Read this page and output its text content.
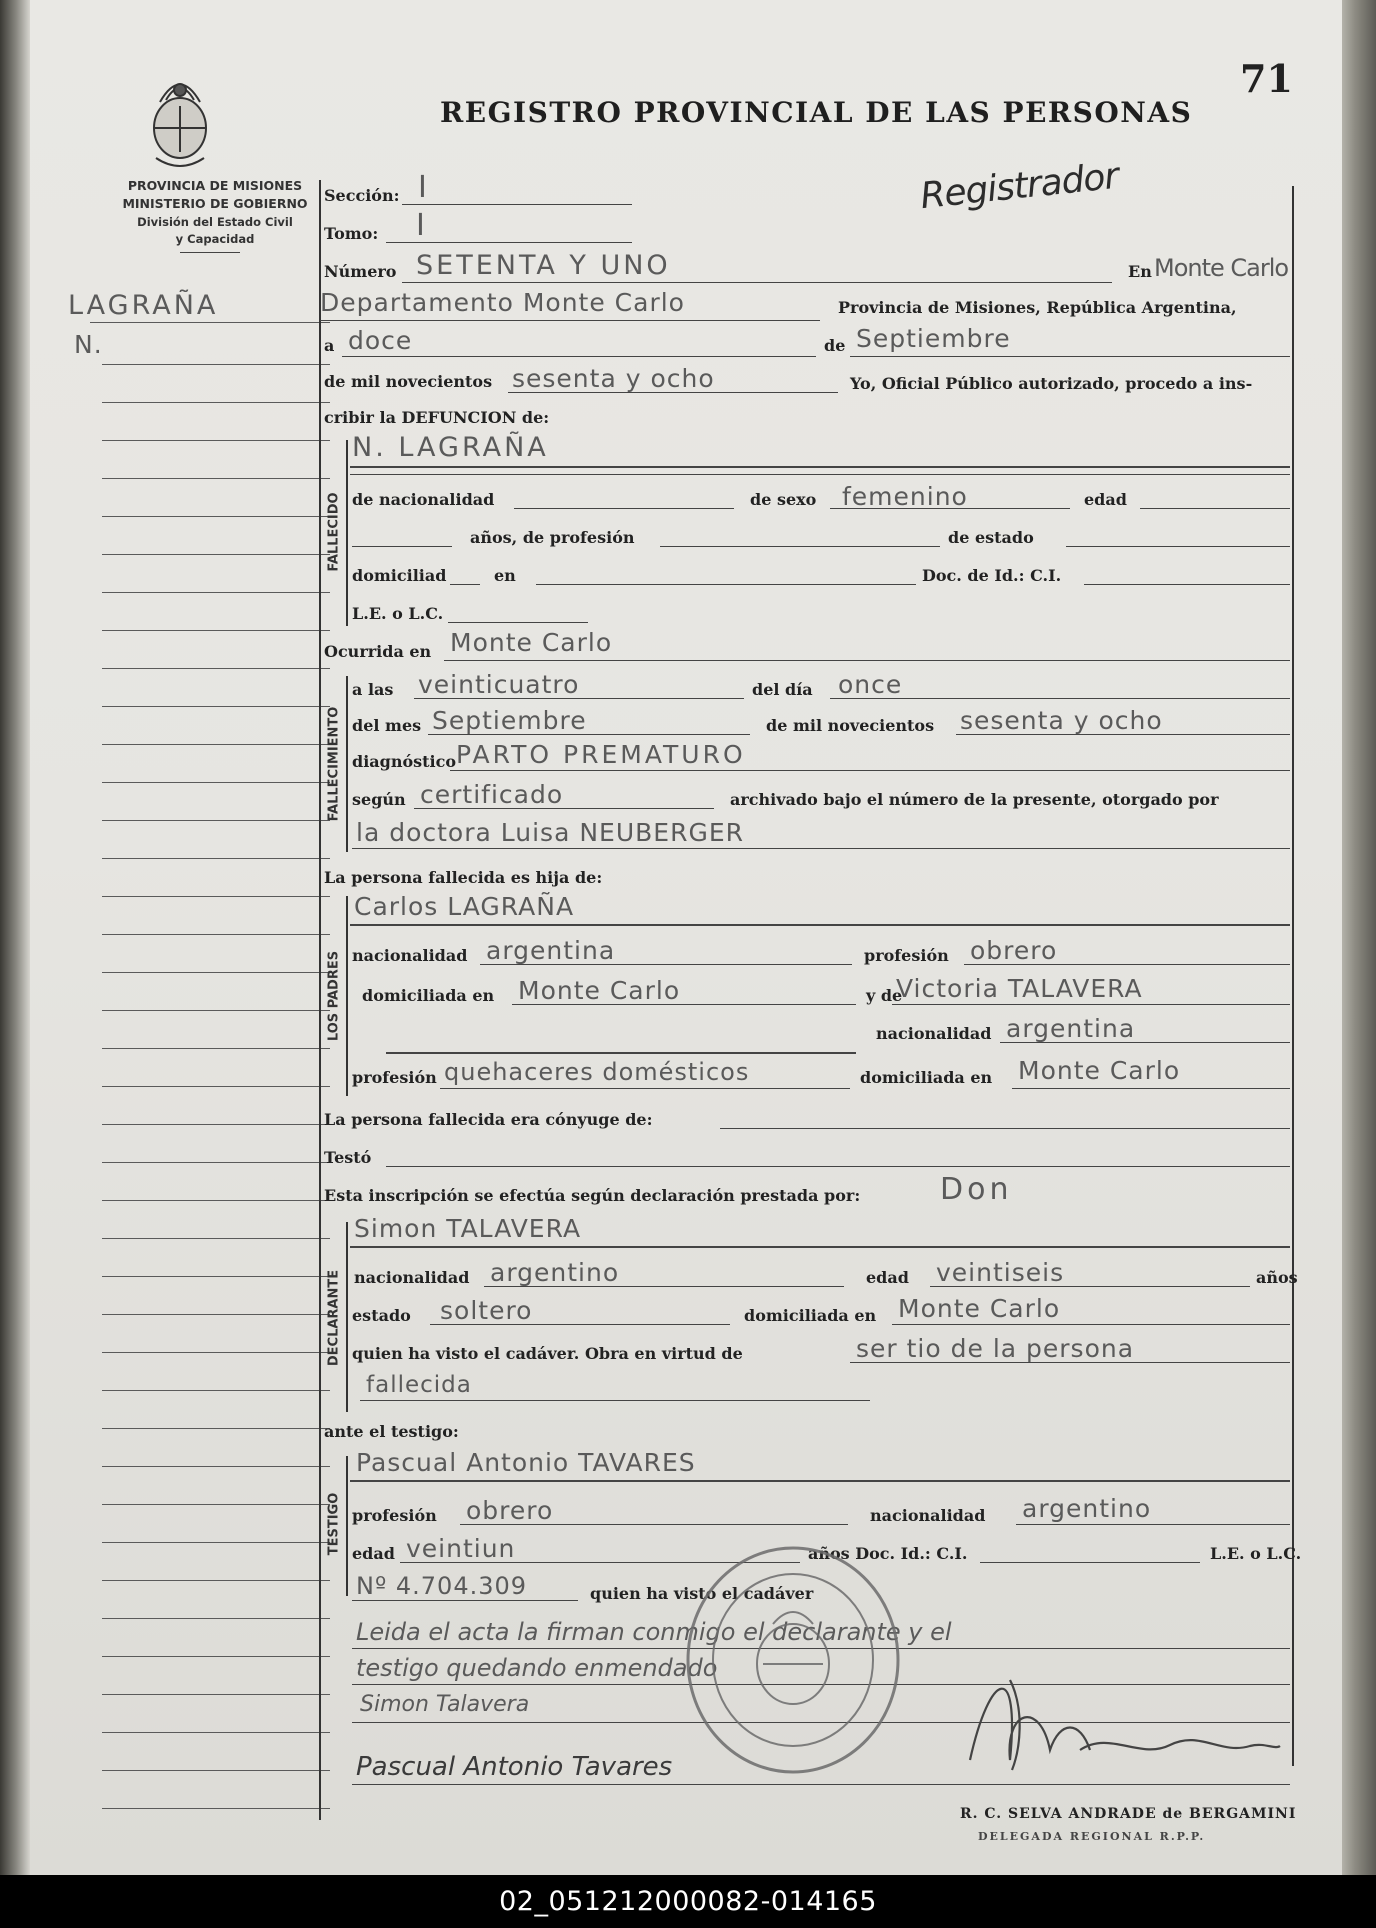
PROVINCIA DE MISIONES
MINISTERIO DE GOBIERNO
División del Estado Civil
y Capacidad
LAGRAÑA
N.
REGISTRO PROVINCIAL DE LAS PERSONAS
71
Registrador
Sección: I
Tomo: I
Número SETENTA Y UNO	En Monte Carlo
Departamento Monte Carlo	Provincia de Misiones, República Argentina,
a doce	de Septiembre
de mil novecientos sesenta y ocho	Yo, Oficial Público autorizado, procedo a ins-
cribir la DEFUNCION de:
FALLECIDO
N. LAGRAÑA
de nacionalidad	de sexo femenino	edad
años, de profesión	de estado
domiciliad	en	Doc. de Id.: C.I.
L.E. o L.C.
Ocurrida en Monte Carlo
FALLECIMIENTO
a las veinticuatro	del día once
del mes Septiembre	de mil novecientos sesenta y ocho
diagnóstico PARTO PREMATURO
según certificado	archivado bajo el número de la presente, otorgado por
la doctora Luisa NEUBERGER
La persona fallecida es hija de:
LOS PADRES
Carlos LAGRAÑA
nacionalidad argentina	profesión obrero
domiciliada en Monte Carlo	y de
Victoria TALAVERA
nacionalidad argentina
profesión quehaceres domésticos	domiciliada en Monte Carlo
La persona fallecida era cónyuge de:
Testó
Esta inscripción se efectúa según declaración prestada por:	Don
DECLARANTE
Simon TALAVERA
nacionalidad argentino	edad veintiseis	años
estado soltero	domiciliada en Monte Carlo
quien ha visto el cadáver. Obra en virtud de	ser tio de la persona
fallecida
ante el testigo:
TESTIGO
Pascual Antonio TAVARES
profesión obrero	nacionalidad argentino
edad veintiun	años Doc. Id.: C.I.	L.E. o L.C.
Nº 4.704.309	quien ha visto el cadáver
Leida el acta la firman conmigo el declarante y el
testigo quedando enmendado
Simon Talavera
Pascual Antonio Tavares
R. C. SELVA ANDRADE de BERGAMINI
DELEGADA REGIONAL R.P.P.
02_051212000082-014165
